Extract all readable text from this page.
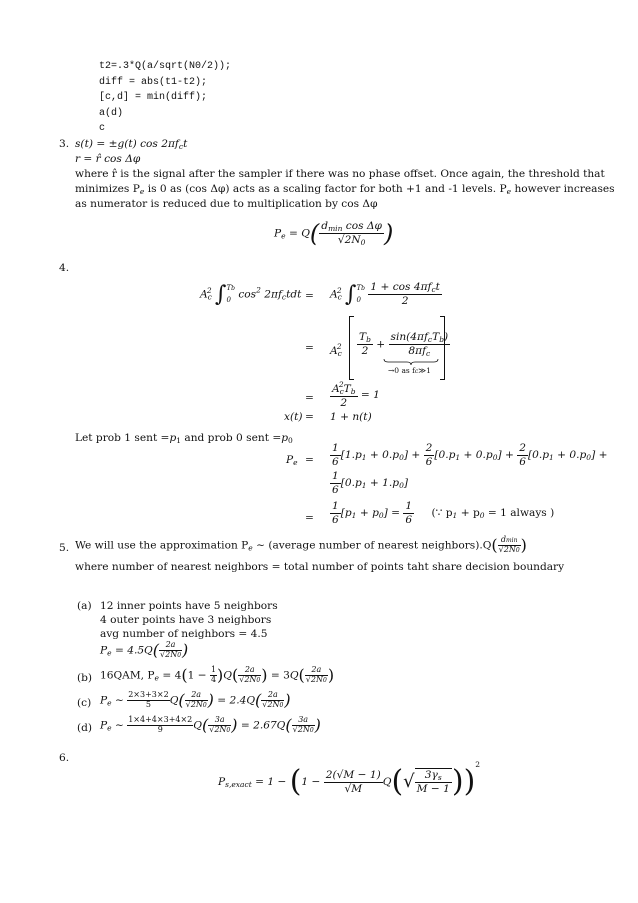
t2=.3*Q(a/sqrt(N0/2));
diff = abs(t1-t2);
[c,d] = min(diff);
a(d)
c
3. s(t) = ±g(t) $\cos 2\pi f_ct$
r = r̂ cos Δφ
where r̂ is the signal after the sampler if there was no phase offset. Once again, the threshold that
minimizes $P_e$ is 0 as (cos Δφ) acts as a scaling factor for both +1 and -1 levels. $P_e$ however increases
as numerator is reduced due to multiplication by cos Δφ
$P_e = Q( \frac{d_{min} \cos \Delta\varphi}{√2N_0}$ )
4.
$A_c^2$ ∫ Tb
0 $\cos^2 2\pi f_ctdt = A_c^2$ ∫ Tb
0
$\frac{1 + \cos 4\pi f_ct}{2}$
= $A_c^2 \frac{T_b}{2} + \frac{\sin(4\pi f_cT_b)}{8\pi f_c}$
→0 as fc≫1
= $\frac{A_c^2T_b}{2} = 1$
x(t) = 1 + n(t)
Let prob 1 sent $=p_1$ and prob 0 sent $=p_0$
$P_e = \frac{1}{6} [1.p_1 + 0.p_0] + \frac{2}{6} [0.p_1 + 0.p_0] + \frac{2}{6} [0.p_1 + 0.p_0]$ +
$\frac{1}{6} [0.p_1 + 1.p_0]$
= $\frac{1}{6} [p_1 + p_0] = \frac{1}{6}$ (∵ $p_1 + p_0 = 1$ always )
5. We will use the approximation $P_e$ ∼ (average number of nearest neighbors).Q( dmin
√2N0 )
where number of nearest neighbors = total number of points taht share decision boundary
(a) 12 inner points have 5 neighbors
4 outer points have 3 neighbors
avg number of neighbors = 4.5
$P_e = 4.5Q( \frac{2a}{√2N0}$ )
(b) 16QAM, $P_e = 4(1 - \frac{1}{4} )Q( \frac{2a}{√2N0}$ ) = $3Q( \frac{2a}{√2N0}$ )
(c) $P_e$ ∼ $\frac{2\times 3+3\times 2}{5} Q( \frac{2a}{√2N0}$ ) = $2.4Q( \frac{2a}{√2N0}$ )
(d) $P_e$ ∼ $\frac{1\times 4+4\times 3+4\times 2}{9} Q( \frac{3a}{√2N0}$ ) = $2.67Q( \frac{3a}{√2N0}$ )
6.
$P_{s,exact} = 1 - (1 - \frac{2(√M - 1)}{√M} Q(√ \frac{3\gamma_s}{M - 1} ))^2$
